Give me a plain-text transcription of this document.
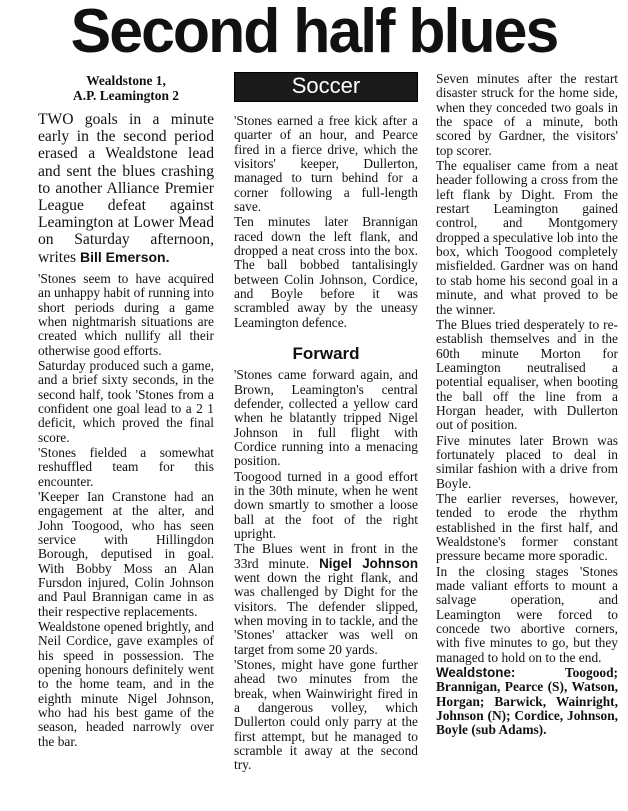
Second half blues
Wealdstone 1,
A.P. Leamington 2

TWO goals in a minute early in the second period erased a Wealdstone lead and sent the blues crashing to another Alliance Premier League defeat against Leamington at Lower Mead on Saturday afternoon, writes Bill Emerson.

'Stones seem to have acquired an unhappy habit of running into short periods during a game when nightmarish situations are created which nullify all their otherwise good efforts.

Saturday produced such a game, and a brief sixty seconds, in the second half, took 'Stones from a confident one goal lead to a 2 1 deficit, which proved the final score.

'Stones fielded a somewhat reshuffled team for this encounter.

'Keeper Ian Cranstone had an engagement at the alter, and John Toogood, who has seen service with Hillingdon Borough, deputised in goal. With Bobby Moss an Alan Fursdon injured, Colin Johnson and Paul Brannigan came in as their respective replacements.

Wealdstone opened brightly, and Neil Cordice, gave examples of his speed in possession. The opening honours definitely went to the home team, and in the eighth minute Nigel Johnson, who had his best game of the season, headed narrowly over the bar.

Soccer

'Stones earned a free kick after a quarter of an hour, and Pearce fired in a fierce drive, which the visitors' keeper, Dullerton, managed to turn behind for a corner following a full-length save.

Ten minutes later Brannigan raced down the left flank, and dropped a neat cross into the box. The ball bobbed tantalisingly between Colin Johnson, Cordice, and Boyle before it was scrambled away by the uneasy Leamington defence.

Forward

'Stones came forward again, and Brown, Leamington's central defender, collected a yellow card when he blatantly tripped Nigel Johnson in full flight with Cordice running into a menacing position.

Toogood turned in a good effort in the 30th minute, when he went down smartly to smother a loose ball at the foot of the right upright.

The Blues went in front in the 33rd minute. Nigel Johnson went down the right flank, and was challenged by Dight for the visitors. The defender slipped, when moving in to tackle, and the 'Stones' attacker was well on target from some 20 yards.

'Stones, might have gone further ahead two minutes from the break, when Wainwiright fired in a dangerous volley, which Dullerton could only parry at the first attempt, but he managed to scramble it away at the second try.

Seven minutes after the restart disaster struck for the home side, when they conceded two goals in the space of a minute, both scored by Gardner, the visitors' top scorer.

The equaliser came from a neat header following a cross from the left flank by Dight. From the restart Leamington gained control, and Montgomery dropped a speculative lob into the box, which Toogood completely misfielded. Gardner was on hand to stab home his second goal in a minute, and what proved to be the winner.

The Blues tried desperately to re-establish themselves and in the 60th minute Morton for Leamington neutralised a potential equaliser, when booting the ball off the line from a Horgan header, with Dullerton out of position.

Five minutes later Brown was fortunately placed to deal in similar fashion with a drive from Boyle.

The earlier reverses, however, tended to erode the rhythm established in the first half, and Wealdstone's former constant pressure became more sporadic.

In the closing stages 'Stones made valiant efforts to mount a salvage operation, and Leamington were forced to concede two abortive corners, with five minutes to go, but they managed to hold on to the end.

Wealdstone: Toogood; Brannigan, Pearce (S), Watson, Horgan; Barwick, Wainright, Johnson (N); Cordice, Johnson, Boyle (sub Adams).
